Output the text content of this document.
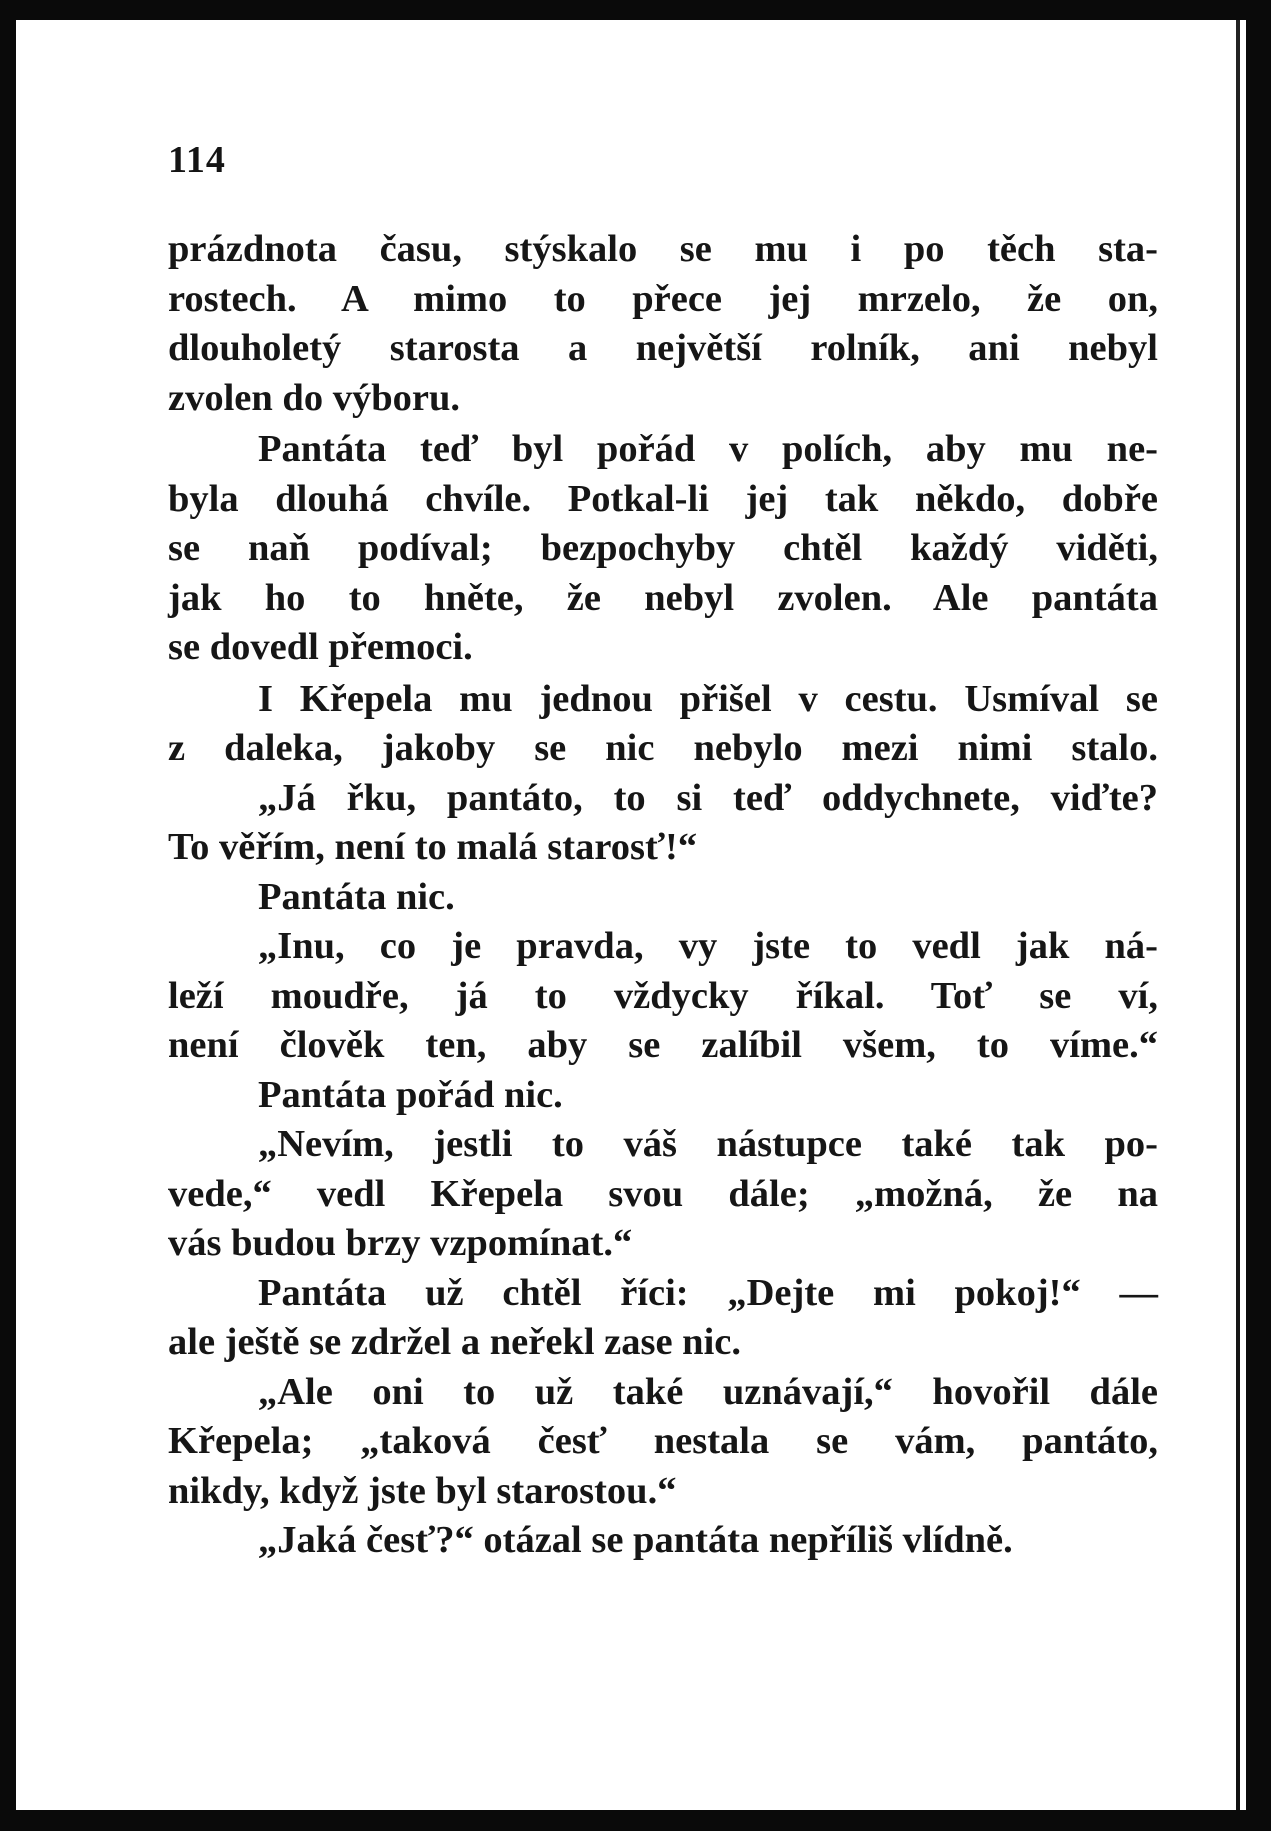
114
prázdnota času, stýskalo se mu i po těch sta-
rostech. A mimo to přece jej mrzelo, že on,
dlouholetý starosta a největší rolník, ani nebyl
zvolen do výboru.
Pantáta teď byl pořád v polích, aby mu ne-
byla dlouhá chvíle. Potkal-li jej tak někdo, dobře
se naň podíval; bezpochyby chtěl každý viděti,
jak ho to hněte, že nebyl zvolen. Ale pantáta
se dovedl přemoci.
I Křepela mu jednou přišel v cestu. Usmíval se
z daleka, jakoby se nic nebylo mezi nimi stalo.
„Já řku, pantáto, to si teď oddychnete, viďte?
To věřím, není to malá starosť!“
Pantáta nic.
„Inu, co je pravda, vy jste to vedl jak ná-
leží moudře, já to vždycky říkal. Toť se ví,
není člověk ten, aby se zalíbil všem, to víme.“
Pantáta pořád nic.
„Nevím, jestli to váš nástupce také tak po-
vede,“ vedl Křepela svou dále; „možná, že na
vás budou brzy vzpomínat.“
Pantáta už chtěl říci: „Dejte mi pokoj!“ —
ale ještě se zdržel a neřekl zase nic.
„Ale oni to už také uznávají,“ hovořil dále
Křepela; „taková česť nestala se vám, pantáto,
nikdy, když jste byl starostou.“
„Jaká česť?“ otázal se pantáta nepříliš vlídně.
